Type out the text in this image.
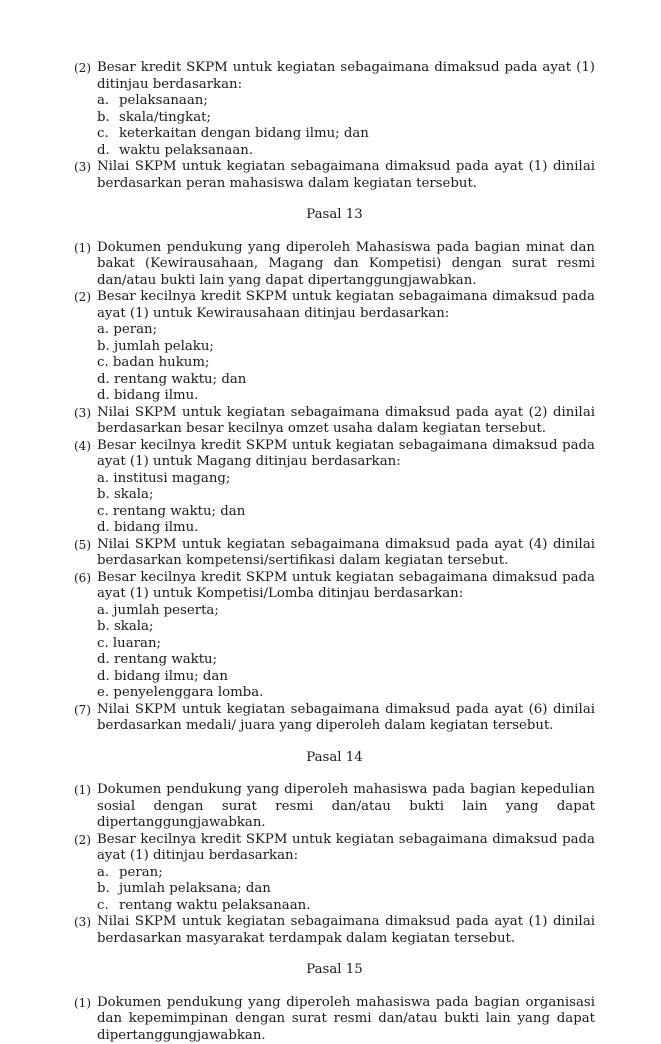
(2) Besar kredit SKPM untuk kegiatan sebagaimana dimaksud pada ayat (1) ditinjau berdasarkan:
a. pelaksanaan;
b. skala/tingkat;
c. keterkaitan dengan bidang ilmu; dan
d. waktu pelaksanaan.
(3) Nilai SKPM untuk kegiatan sebagaimana dimaksud pada ayat (1) dinilai berdasarkan peran mahasiswa dalam kegiatan tersebut.
Pasal 13
(1) Dokumen pendukung yang diperoleh Mahasiswa pada bagian minat dan bakat (Kewirausahaan, Magang dan Kompetisi) dengan surat resmi dan/atau bukti lain yang dapat dipertanggungjawabkan.
(2) Besar kecilnya kredit SKPM untuk kegiatan sebagaimana dimaksud pada ayat (1) untuk Kewirausahaan ditinjau berdasarkan:
a. peran;
b. jumlah pelaku;
c. badan hukum;
d. rentang waktu; dan
d. bidang ilmu.
(3) Nilai SKPM untuk kegiatan sebagaimana dimaksud pada ayat (2) dinilai berdasarkan besar kecilnya omzet usaha dalam kegiatan tersebut.
(4) Besar kecilnya kredit SKPM untuk kegiatan sebagaimana dimaksud pada ayat (1) untuk Magang ditinjau berdasarkan:
a. institusi magang;
b. skala;
c. rentang waktu; dan
d. bidang ilmu.
(5) Nilai SKPM untuk kegiatan sebagaimana dimaksud pada ayat (4) dinilai berdasarkan kompetensi/sertifikasi dalam kegiatan tersebut.
(6) Besar kecilnya kredit SKPM untuk kegiatan sebagaimana dimaksud pada ayat (1) untuk Kompetisi/Lomba ditinjau berdasarkan:
a. jumlah peserta;
b. skala;
c. luaran;
d. rentang waktu;
d. bidang ilmu; dan
e. penyelenggara lomba.
(7) Nilai SKPM untuk kegiatan sebagaimana dimaksud pada ayat (6) dinilai berdasarkan medali/ juara yang diperoleh dalam kegiatan tersebut.
Pasal 14
(1) Dokumen pendukung yang diperoleh mahasiswa pada bagian kepedulian sosial dengan surat resmi dan/atau bukti lain yang dapat dipertanggungjawabkan.
(2) Besar kecilnya kredit SKPM untuk kegiatan sebagaimana dimaksud pada ayat (1) ditinjau berdasarkan:
a. peran;
b. jumlah pelaksana; dan
c. rentang waktu pelaksanaan.
(3) Nilai SKPM untuk kegiatan sebagaimana dimaksud pada ayat (1) dinilai berdasarkan masyarakat terdampak dalam kegiatan tersebut.
Pasal 15
(1) Dokumen pendukung yang diperoleh mahasiswa pada bagian organisasi dan kepemimpinan dengan surat resmi dan/atau bukti lain yang dapat dipertanggungjawabkan.
